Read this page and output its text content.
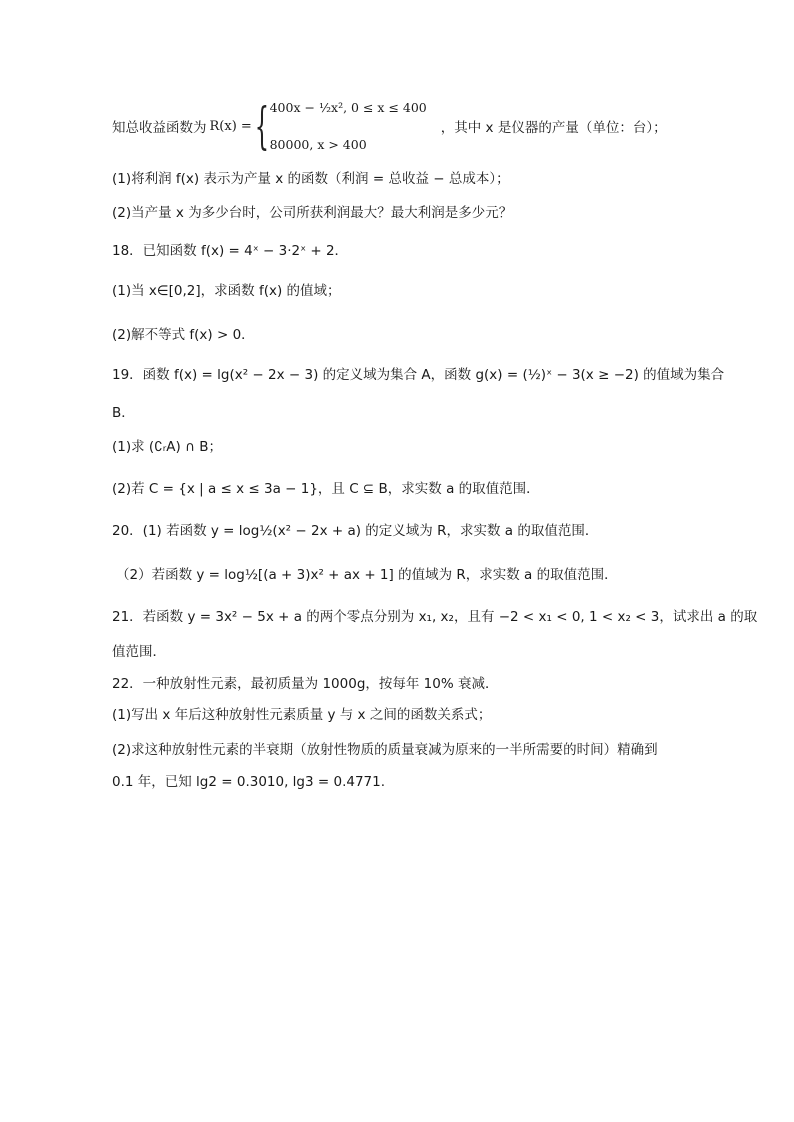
知总收益函数为 R(x) = { 400x − ½x², 0 ≤ x ≤ 400
80000, x > 400
，其中 x 是仪器的产量（单位：台）；
(1)将利润 f(x) 表示为产量 x 的函数（利润 = 总收益 − 总成本）；
(2)当产量 x 为多少台时，公司所获利润最大？最大利润是多少元？
18．已知函数 f(x) = 4ˣ − 3·2ˣ + 2．
(1)当 x∈[0,2]，求函数 f(x) 的值域；
(2)解不等式 f(x) > 0．
19．函数 f(x) = lg(x² − 2x − 3) 的定义域为集合 A，函数 g(x) = (½)ˣ − 3(x ≥ −2) 的值域为集合
B．
(1)求 (∁ᵣA) ∩ B；
(2)若 C = {x | a ≤ x ≤ 3a − 1}，且 C ⊆ B，求实数 a 的取值范围．
20．(1) 若函数 y = log½(x² − 2x + a) 的定义域为 R，求实数 a 的取值范围．
（2）若函数 y = log½[(a + 3)x² + ax + 1] 的值域为 R，求实数 a 的取值范围．
21．若函数 y = 3x² − 5x + a 的两个零点分别为 x₁, x₂，且有 −2 < x₁ < 0, 1 < x₂ < 3，试求出 a 的取
值范围．
22．一种放射性元素，最初质量为 1000g，按每年 10% 衰减．
(1)写出 x 年后这种放射性元素质量 y 与 x 之间的函数关系式；
(2)求这种放射性元素的半衰期（放射性物质的质量衰减为原来的一半所需要的时间）精确到
0.1 年，已知 lg2 = 0.3010, lg3 = 0.4771.
